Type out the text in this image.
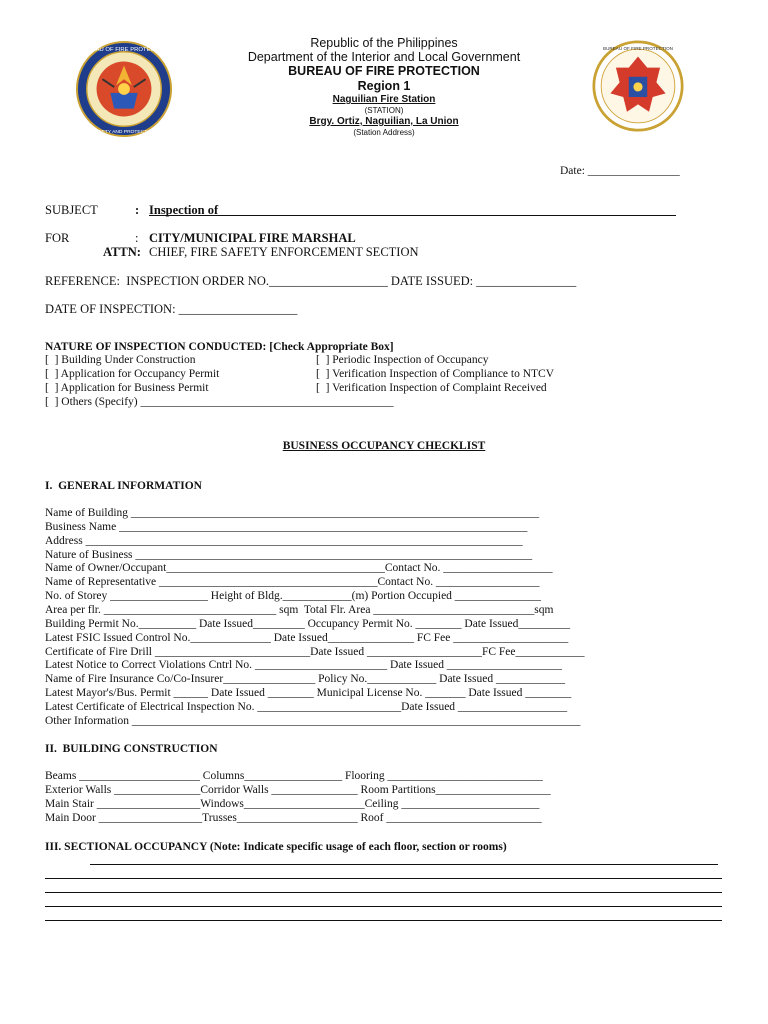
BUREAU OF FIRE PROTECTION
SAFETY AND PROTECTION
BUREAU OF FIRE PROTECTION
Republic of the Philippines
Department of the Interior and Local Government
BUREAU OF FIRE PROTECTION
Region 1
Naguilian Fire Station
(STATION)
Brgy. Ortiz, Naguilian, La Union
(Station Address)
Date: ________________
SUBJECT	: Inspection of
FOR	: CITY/MUNICIPAL FIRE MARSHAL
ATTN: CHIEF, FIRE SAFETY ENFORCEMENT SECTION
REFERENCE:  INSPECTION ORDER NO.___________________ DATE ISSUED: ________________
DATE OF INSPECTION: ___________________
NATURE OF INSPECTION CONDUCTED: [Check Appropriate Box]
[  ] Building Under Construction
[  ] Application for Occupancy Permit
[  ] Application for Business Permit
[  ] Others (Specify) ____________________________________________
[  ] Periodic Inspection of Occupancy
[  ] Verification Inspection of Compliance to NTCV
[  ] Verification Inspection of Complaint Received
BUSINESS OCCUPANCY CHECKLIST
I.  GENERAL INFORMATION
Name of Building _______________________________________________________________________
Business Name _______________________________________________________________________
Address ____________________________________________________________________________
Nature of Business _____________________________________________________________________
Name of Owner/Occupant______________________________________Contact No. ___________________
Name of Representative ______________________________________Contact No. __________________
No. of Storey _________________ Height of Bldg.____________(m) Portion Occupied _______________
Area per flr. ______________________________ sqm  Total Flr. Area ____________________________sqm
Building Permit No.__________ Date Issued_________ Occupancy Permit No. ________ Date Issued_________
Latest FSIC Issued Control No.______________ Date Issued_______________ FC Fee ____________________
Certificate of Fire Drill ___________________________Date Issued ____________________FC Fee____________
Latest Notice to Correct Violations Cntrl No. _______________________ Date Issued ____________________
Name of Fire Insurance Co/Co-Insurer________________ Policy No.____________ Date Issued ____________
Latest Mayor's/Bus. Permit ______ Date Issued ________ Municipal License No. _______ Date Issued ________
Latest Certificate of Electrical Inspection No. _________________________Date Issued ___________________
Other Information ______________________________________________________________________________
II.  BUILDING CONSTRUCTION
Beams _____________________ Columns_________________ Flooring ___________________________
Exterior Walls _______________Corridor Walls _______________ Room Partitions____________________
Main Stair __________________Windows_____________________Ceiling ________________________
Main Door __________________Trusses_____________________ Roof ___________________________
III. SECTIONAL OCCUPANCY (Note: Indicate specific usage of each floor, section or rooms)
